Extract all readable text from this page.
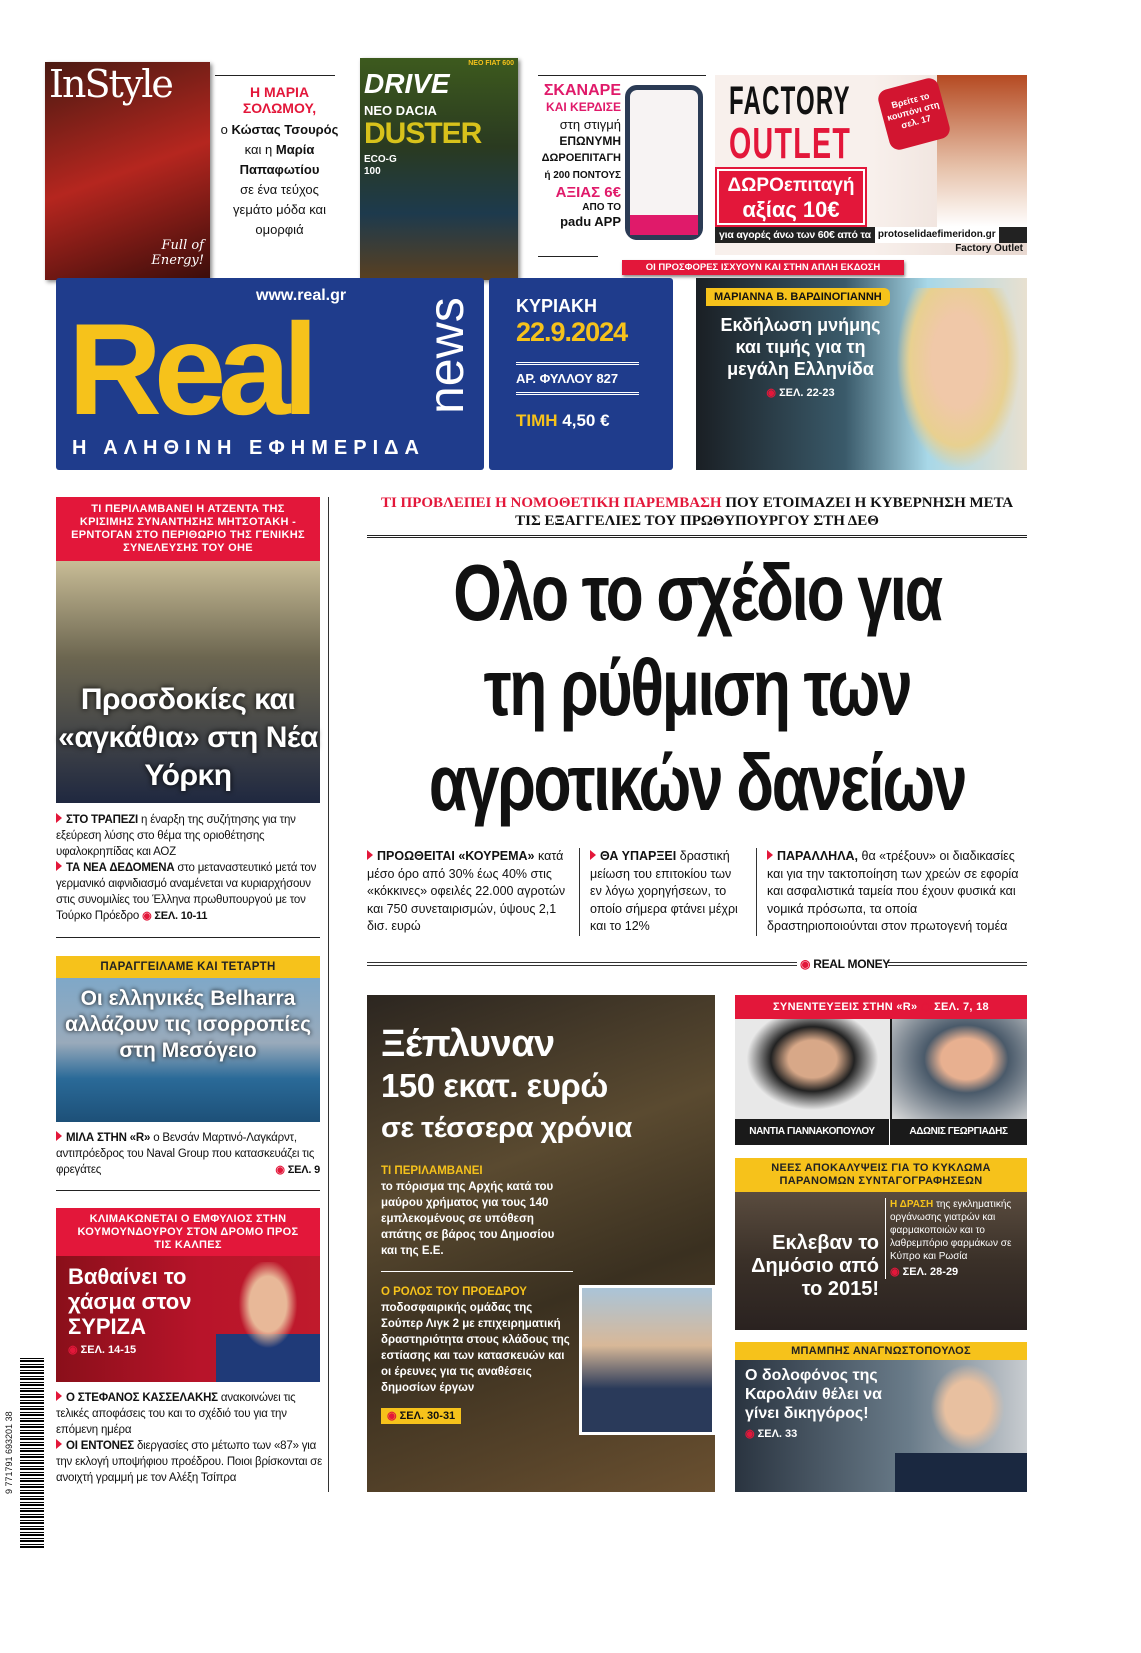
InStyle
Full of Energy!
Η ΜΑΡΙΑ ΣΟΛΩΜΟΥ,
ο Κώστας Τσουρός
και η Μαρία Παπαφωτίου
σε ένα τεύχος γεμάτο μόδα και ομορφιά
ΝΕΟ FIAT 600
DRIVE
ΝΕΟ DACIA
DUSTER
ECO-G 100
ΣΚΑΝΑΡΕ
ΚΑΙ ΚΕΡΔΙΣΕ
στη στιγμή
ΕΠΩΝΥΜΗ
ΔΩΡΟΕΠΙΤΑΓΗ
ή 200 ΠΟΝΤΟΥΣ
ΑΞΙΑΣ 6€
ΑΠΟ ΤΟ
padu APP
FACTORY
OUTLET
ΔΩΡΟεπιταγή
αξίας 10€
Βρείτε το κουπόνι στη σελ. 17
για αγορές άνω των 60€ από τα protoselidaefimeridon.gr
Factory Outlet
ΟΙ ΠΡΟΣΦΟΡΕΣ ΙΣΧΥΟΥΝ ΚΑΙ ΣΤΗΝ ΑΠΛΗ ΕΚΔΟΣΗ
www.real.gr
Real news
Η ΑΛΗΘΙΝΗ ΕΦΗΜΕΡΙΔΑ
ΚΥΡΙΑΚΗ
22.9.2024
ΑΡ. ΦΥΛΛΟΥ 827
ΤΙΜΗ 4,50 €
ΜΑΡΙΑΝΝΑ Β. ΒΑΡΔΙΝΟΓΙΑΝΝΗ
Εκδήλωση μνήμης και τιμής για τη μεγάλη Ελληνίδα
◉ ΣΕΛ. 22-23
ΤΙ ΠΕΡΙΛΑΜΒΑΝΕΙ Η ΑΤΖΕΝΤΑ ΤΗΣ ΚΡΙΣΙΜΗΣ ΣΥΝΑΝΤΗΣΗΣ ΜΗΤΣΟΤΑΚΗ - ΕΡΝΤΟΓΑΝ ΣΤΟ ΠΕΡΙΘΩΡΙΟ ΤΗΣ ΓΕΝΙΚΗΣ ΣΥΝΕΛΕΥΣΗΣ ΤΟΥ ΟΗΕ
Προσδοκίες και «αγκάθια» στη Νέα Υόρκη
ΣΤΟ ΤΡΑΠΕΖΙ η έναρξη της συζήτησης για την εξεύρεση λύσης στο θέμα της οριοθέτησης υφαλοκρηπίδας και ΑΟΖ
ΤΑ ΝΕΑ ΔΕΔΟΜΕΝΑ στο μεταναστευτικό μετά τον γερμανικό αιφνιδιασμό αναμένεται να κυριαρχήσουν στις συνομιλίες του Έλληνα πρωθυπουργού με τον Τούρκο Πρόεδρο ◉ ΣΕΛ. 10-11
ΠΑΡΑΓΓΕΙΛΑΜΕ ΚΑΙ ΤΕΤΑΡΤΗ
Οι ελληνικές Belharra αλλάζουν τις ισορροπίες στη Μεσόγειο
ΜΙΛΑ ΣΤΗΝ «R» ο Βενσάν Μαρτινό-Λαγκάρντ, αντιπρόεδρος του Naval Group που κατασκευάζει τις φρεγάτες	◉ ΣΕΛ. 9
ΚΛΙΜΑΚΩΝΕΤΑΙ Ο ΕΜΦΥΛΙΟΣ ΣΤΗΝ ΚΟΥΜΟΥΝΔΟΥΡΟΥ ΣΤΟΝ ΔΡΟΜΟ ΠΡΟΣ ΤΙΣ ΚΑΛΠΕΣ
Βαθαίνει το χάσμα στον ΣΥΡΙΖΑ
◉ ΣΕΛ. 14-15
Ο ΣΤΕΦΑΝΟΣ ΚΑΣΣΕΛΑΚΗΣ ανακοινώνει τις τελικές αποφάσεις του και το σχέδιό του για την επόμενη ημέρα
ΟΙ ΕΝΤΟΝΕΣ διεργασίες στο μέτωπο των «87» για την εκλογή υποψήφιου προέδρου. Ποιοι βρίσκονται σε ανοιχτή γραμμή με τον Αλέξη Τσίπρα
9 771791 693201 38
ΤΙ ΠΡΟΒΛΕΠΕΙ Η ΝΟΜΟΘΕΤΙΚΗ ΠΑΡΕΜΒΑΣΗ ΠΟΥ ΕΤΟΙΜΑΖΕΙ Η ΚΥΒΕΡΝΗΣΗ ΜΕΤΑ ΤΙΣ ΕΞΑΓΓΕΛΙΕΣ ΤΟΥ ΠΡΩΘΥΠΟΥΡΓΟΥ ΣΤΗ ΔΕΘ
Ολο το σχέδιο για
τη ρύθμιση των
αγροτικών δανείων
ΠΡΟΩΘΕΙΤΑΙ «ΚΟΥΡΕΜΑ» κατά μέσο όρο από 30% έως 40% στις «κόκκινες» οφειλές 22.000 αγροτών και 750 συνεταιρισμών, ύψους 2,1 δισ. ευρώ
ΘΑ ΥΠΑΡΞΕΙ δραστική μείωση του επιτοκίου των εν λόγω χορηγήσεων, το οποίο σήμερα φτάνει μέχρι και το 12%
ΠΑΡΑΛΛΗΛΑ, θα «τρέξουν» οι διαδικασίες και για την τακτοποίηση των χρεών σε εφορία και ασφαλιστικά ταμεία που έχουν φυσικά και νομικά πρόσωπα, τα οποία δραστηριοποιούνται στον πρωτογενή τομέα
◉ REAL MONEY
Ξέπλυναν
150 εκατ. ευρώ
σε τέσσερα χρόνια
ΤΙ ΠΕΡΙΛΑΜΒΑΝΕΙ
το πόρισμα της Αρχής κατά του μαύρου χρήματος για τους 140 εμπλεκομένους σε υπόθεση απάτης σε βάρος του Δημοσίου και της Ε.Ε.
Ο ΡΟΛΟΣ ΤΟΥ ΠΡΟΕΔΡΟΥ
ποδοσφαιρικής ομάδας της Σούπερ Λιγκ 2 με επιχειρηματική δραστηριότητα στους κλάδους της εστίασης και των κατασκευών και οι έρευνες για τις αναθέσεις δημοσίων έργων
◉ ΣΕΛ. 30-31
ΣΥΝΕΝΤΕΥΞΕΙΣ ΣΤΗΝ «R» ◉ ΣΕΛ. 7, 18
ΝΑΝΤΙΑ ΓΙΑΝΝΑΚΟΠΟΥΛΟΥ	ΑΔΩΝΙΣ ΓΕΩΡΓΙΑΔΗΣ
ΝΕΕΣ ΑΠΟΚΑΛΥΨΕΙΣ ΓΙΑ ΤΟ ΚΥΚΛΩΜΑ ΠΑΡΑΝΟΜΩΝ ΣΥΝΤΑΓΟΓΡΑΦΗΣΕΩΝ
Εκλεβαν το Δημόσιο από το 2015!
Η ΔΡΑΣΗ της εγκληματικής οργάνωσης γιατρών και φαρμακοποιών και το λαθρεμπόριο φαρμάκων σε Κύπρο και Ρωσία
◉ ΣΕΛ. 28-29
ΜΠΑΜΠΗΣ ΑΝΑΓΝΩΣΤΟΠΟΥΛΟΣ
Ο δολοφόνος της Καρολάιν θέλει να γίνει δικηγόρος!
◉ ΣΕΛ. 33
